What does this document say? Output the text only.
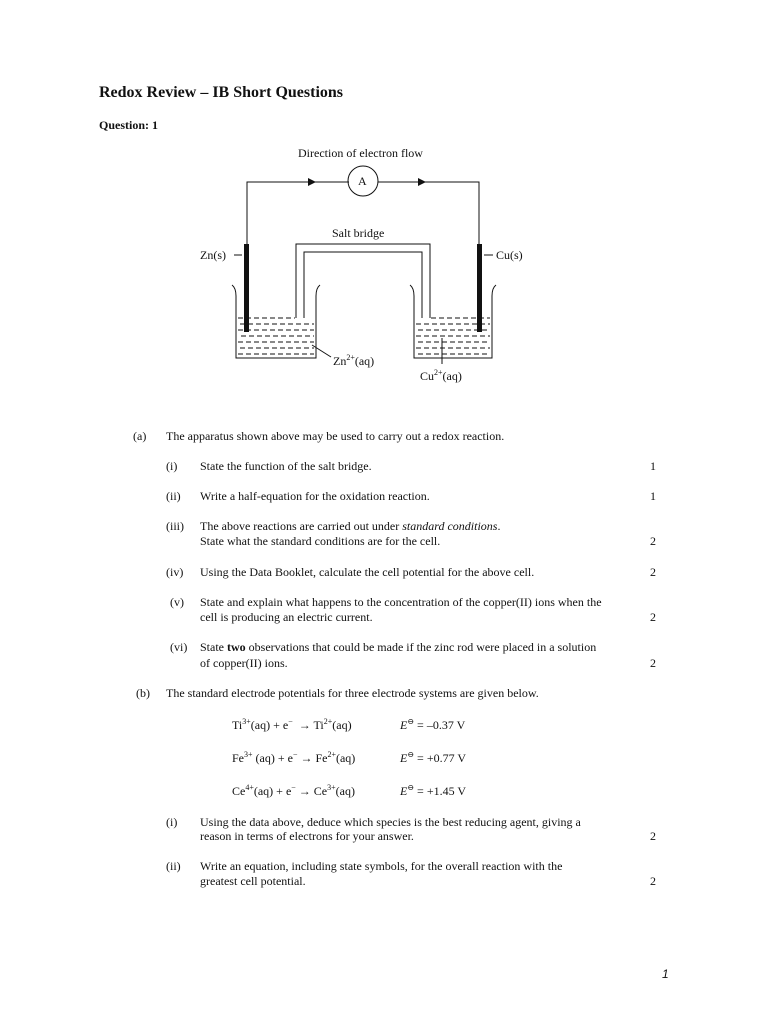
Redox Review – IB Short Questions
Question: 1
Direction of electron flow
A
Salt bridge
Zn(s)	Cu(s)
$Zn^{2+}(aq)$
$Cu^{2+}(aq)$
(a) The apparatus shown above may be used to carry out a redox reaction.
(i) State the function of the salt bridge.	1
(ii) Write a half-equation for the oxidation reaction.	1
(iii) The above reactions are carried out under standard conditions.
State what the standard conditions are for the cell.	2
(iv) Using the Data Booklet, calculate the cell potential for the above cell.	2
(v) State and explain what happens to the concentration of the copper(II) ions when the
cell is producing an electric current.	2
(vi) State two observations that could be made if the zinc rod were placed in a solution
of copper(II) ions.	2
(b) The standard electrode potentials for three electrode systems are given below.
$Ti^{3+}(aq) + e^- \to Ti^{2+}(aq)$	E⊖ = –0.37 V
$Fe^{3+}$ $(aq) + e^- \to Fe^{2+}(aq)$	E⊖ = +0.77 V
$Ce^{4+}(aq) + e^- \to Ce^{3+}(aq)$	E⊖ = +1.45 V
(i) Using the data above, deduce which species is the best reducing agent, giving a
reason in terms of electrons for your answer.	2
(ii) Write an equation, including state symbols, for the overall reaction with the
greatest cell potential.	2
1
